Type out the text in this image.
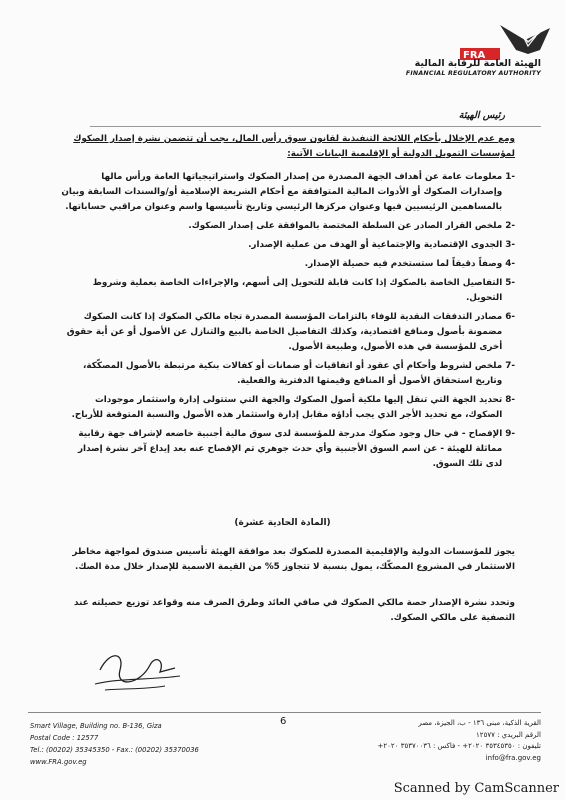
FRA
الهيئة العامة للرقابة المالية
FINANCIAL REGULATORY AUTHORITY
رئيس الهيئة
ومع عدم الإخلال بأحكام اللائحة التنفيذية لقانون سوق رأس المال، يجب أن تتضمن نشرة إصدار الصكوك لمؤسسات التمويل الدولية أو الإقليمية البيانات الآتية:
-1
معلومات عامة عن أهداف الجهة المصدرة من إصدار الصكوك واستراتيجياتها العامة ورأس مالها وإصدارات الصكوك أو الأدوات المالية المتوافقة مع أحكام الشريعة الإسلامية أو/والسندات السابقة وبيان بالمساهمين الرئيسيين فيها وعنوان مركزها الرئيسي وتاريخ تأسيسها واسم وعنوان مراقبي حساباتها.
-2
ملخص القرار الصادر عن السلطة المختصة بالموافقة على إصدار الصكوك.
-3
الجدوى الإقتصادية والإجتماعية أو الهدف من عملية الإصدار.
-4
وصفاً دقيقاً لما ستستخدم فيه حصيلة الإصدار.
-5
التفاصيل الخاصة بالصكوك إذا كانت قابلة للتحويل إلى أسهم، والإجراءات الخاصة بعملية وشروط التحويل.
-6
مصادر التدفقات النقدية للوفاء بالتزامات المؤسسة المصدرة تجاه مالكي الصكوك إذا كانت الصكوك مضمونة بأصول ومنافع اقتصادية، وكذلك التفاصيل الخاصة بالبيع والتنازل عن الأصول أو عن أية حقوق أخرى للمؤسسة في هذه الأصول، وطبيعة الأصول.
-7
ملخص لشروط وأحكام أي عقود أو اتفاقيات أو ضمانات أو كفالات بنكية مرتبطة بالأصول المصكّكة، وتاريخ استحقاق الأصول أو المنافع وقيمتها الدفترية والفعلية.
-8
تحديد الجهة التي تنقل إليها ملكية أصول الصكوك والجهة التي ستتولى إدارة واستثمار موجودات الصكوك، مع تحديد الأجر الذي يجب أداؤه مقابل إدارة واستثمار هذه الأصول والنسبة المتوقعة للأرباح.
-9
الإفصاح - في حال وجود صكوك مدرجة للمؤسسة لدى سوق مالية أجنبية خاضعه لإشراف جهة رقابية مماثلة للهيئة - عن اسم السوق الأجنبية وأي حدث جوهري تم الإفصاح عنه بعد إيداع آخر نشرة إصدار لدى تلك السوق.
(المادة الحادية عشرة)
يجوز للمؤسسات الدولية والإقليمية المصدرة للصكوك بعد موافقة الهيئة تأسيس صندوق لمواجهة مخاطر الاستثمار في المشروع المصكّك، يمول بنسبة لا تتجاوز 5% من القيمة الاسمية للإصدار خلال مدة الصك.
وتحدد نشرة الإصدار حصة مالكي الصكوك في صافي العائد وطرق الصرف منه وقواعد توزيع حصيلته عند التصفية على مالكي الصكوك.
Smart Village, Building no. B-136, Giza
Postal Code : 12577
Tel.: (00202) 35345350 - Fax.: (00202) 35370036
www.FRA.gov.eg
6	القرية الذكية، مبنى ١٣٦ - ب، الجيزة، مصر
الرقم البريدي : ١٢٥٧٧
تليفون : ٣٥٣٤٥٣٥٠ ٢٠٢٠+ - فاكس : ٣٥٣٧٠٠٣٦ ٢٠٢٠+
info@fra.gov.eg
Scanned by CamScanner
